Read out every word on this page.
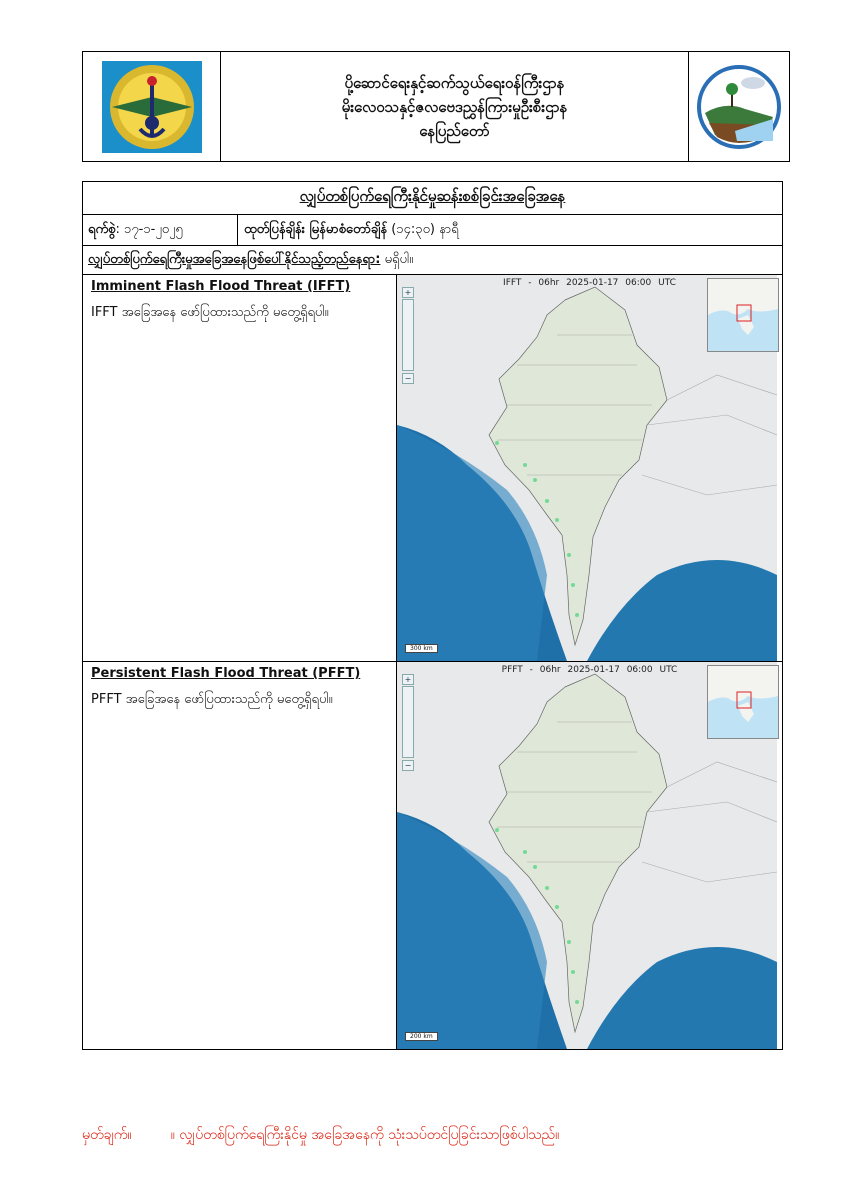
ပို့ဆောင်ရေးနှင့်ဆက်သွယ်ရေးဝန်ကြီးဌာန
မိုးလေဝသနှင့်ဇလဗေဒညွှန်ကြားမှုဦးစီးဌာန
နေပြည်တော်
လျှပ်တစ်ပြက်ရေကြီးနိုင်မှုဆန်းစစ်ခြင်းအခြေအနေ
ရက်စွဲ : ၁၇-၁-၂၀၂၅	ထုတ်ပြန်ချိန်း မြန်မာစံတော်ချိန်
(၁၄:၃၀) နာရီ
လျှပ်တစ်ပြက်ရေကြီးမှုအခြေအနေဖြစ်ပေါ်နိုင်သည့်တည်နေရာ:
မရှိပါ။
Imminent Flash Flood Threat (IFFT)

IFFT အခြေအနေ ဖော်ပြထားသည်ကို မတွေ့ရှိရပါ။

IFFT - 06hr 2025-01-17 06:00 UTC
+
−
300 km
Persistent Flash Flood Threat (PFFT)

PFFT အခြေအနေ ဖော်ပြထားသည်ကို မတွေ့ရှိရပါ။

PFFT - 06hr 2025-01-17 06:00 UTC
+
−
200 km
မှတ်ချက်။	။ လျှပ်တစ်ပြက်ရေကြီးနိုင်မှု အခြေအနေကို သုံးသပ်တင်ပြခြင်းသာဖြစ်ပါသည်။
